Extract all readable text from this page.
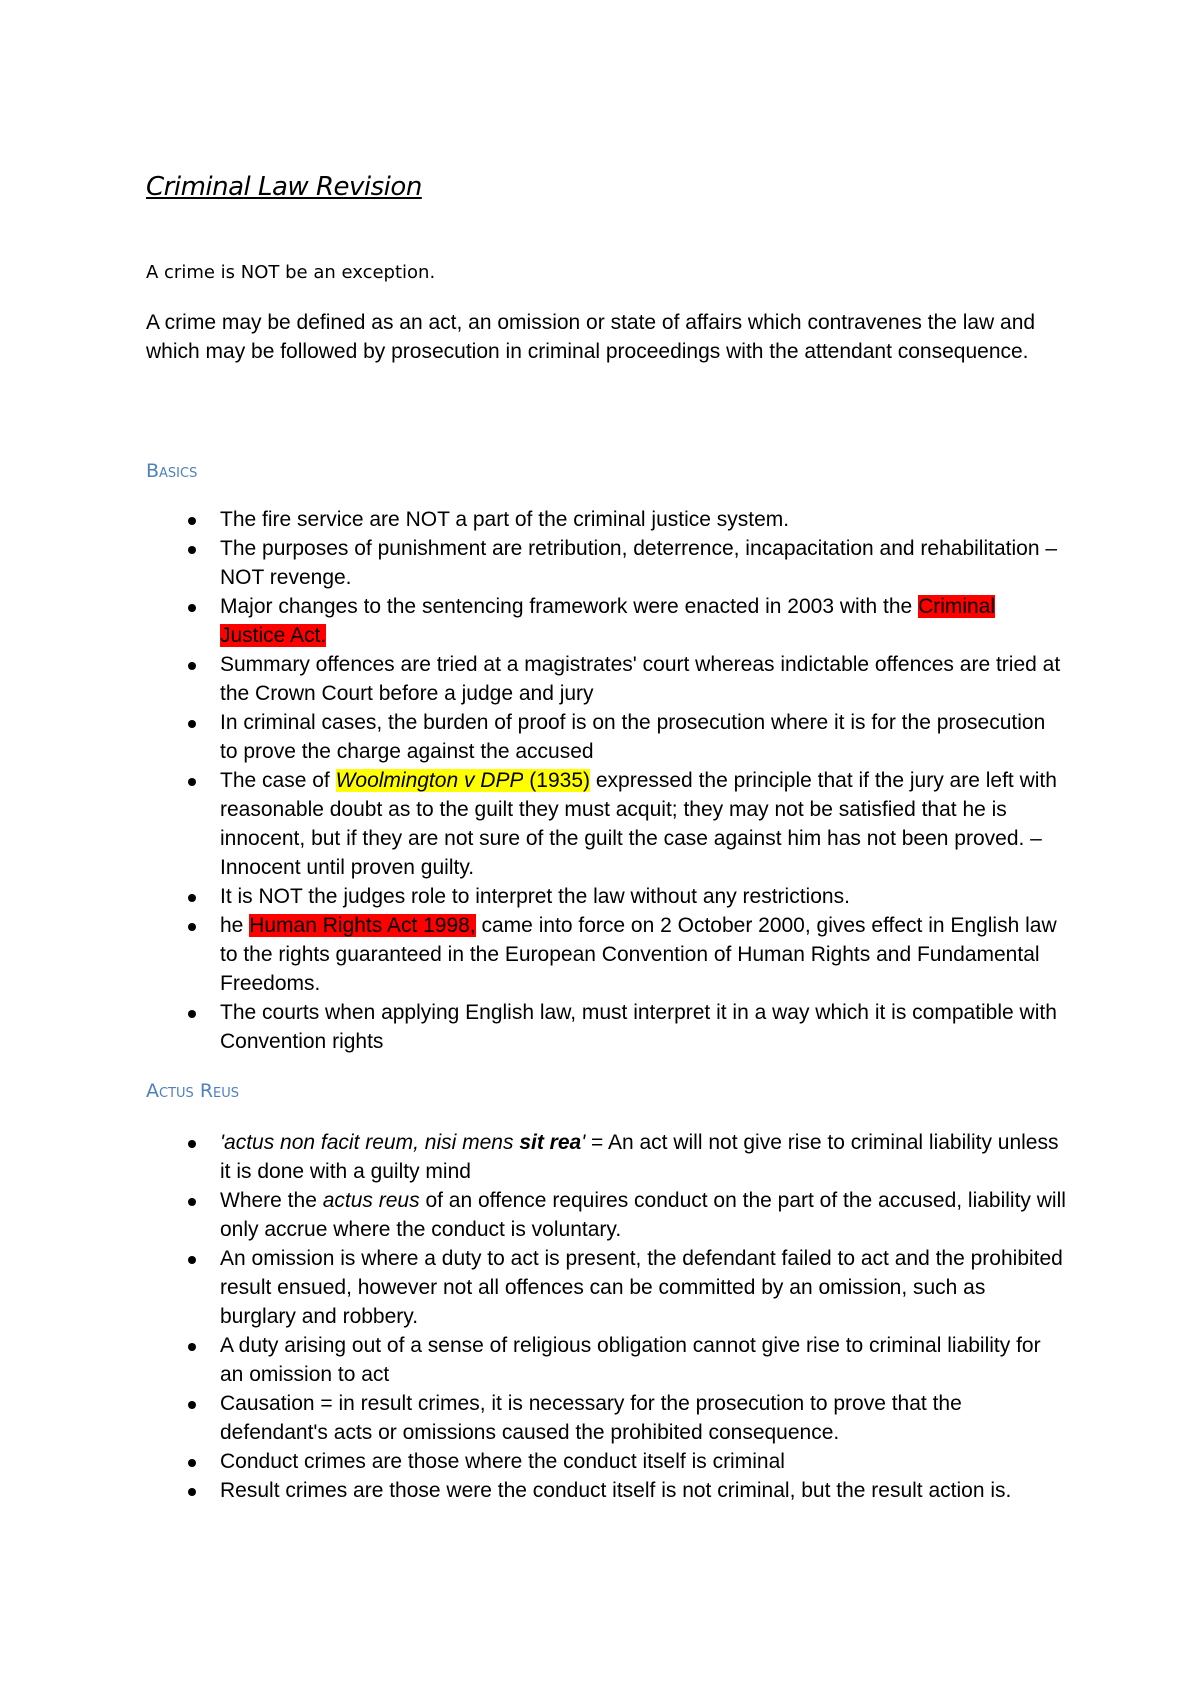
Criminal Law Revision

A crime is NOT be an exception.

A crime may be defined as an act, an omission or state of affairs which contravenes the law and which may be followed by prosecution in criminal proceedings with the attendant consequence.

Basics
The fire service are NOT a part of the criminal justice system.
The purposes of punishment are retribution, deterrence, incapacitation and rehabilitation – NOT revenge.
Major changes to the sentencing framework were enacted in 2003 with the Criminal Justice Act.
Summary offences are tried at a magistrates' court whereas indictable offences are tried at the Crown Court before a judge and jury
In criminal cases, the burden of proof is on the prosecution where it is for the prosecution to prove the charge against the accused
The case of Woolmington v DPP (1935) expressed the principle that if the jury are left with reasonable doubt as to the guilt they must acquit; they may not be satisfied that he is innocent, but if they are not sure of the guilt the case against him has not been proved. – Innocent until proven guilty.
It is NOT the judges role to interpret the law without any restrictions.
he Human Rights Act 1998, came into force on 2 October 2000, gives effect in English law to the rights guaranteed in the European Convention of Human Rights and Fundamental Freedoms.
The courts when applying English law, must interpret it in a way which it is compatible with Convention rights
Actus Reus
'actus non facit reum, nisi mens sit rea' = An act will not give rise to criminal liability unless it is done with a guilty mind
Where the actus reus of an offence requires conduct on the part of the accused, liability will only accrue where the conduct is voluntary.
An omission is where a duty to act is present, the defendant failed to act and the prohibited result ensued, however not all offences can be committed by an omission, such as burglary and robbery.
A duty arising out of a sense of religious obligation cannot give rise to criminal liability for an omission to act
Causation = in result crimes, it is necessary for the prosecution to prove that the defendant's acts or omissions caused the prohibited consequence.
Conduct crimes are those where the conduct itself is criminal
Result crimes are those were the conduct itself is not criminal, but the result action is.
